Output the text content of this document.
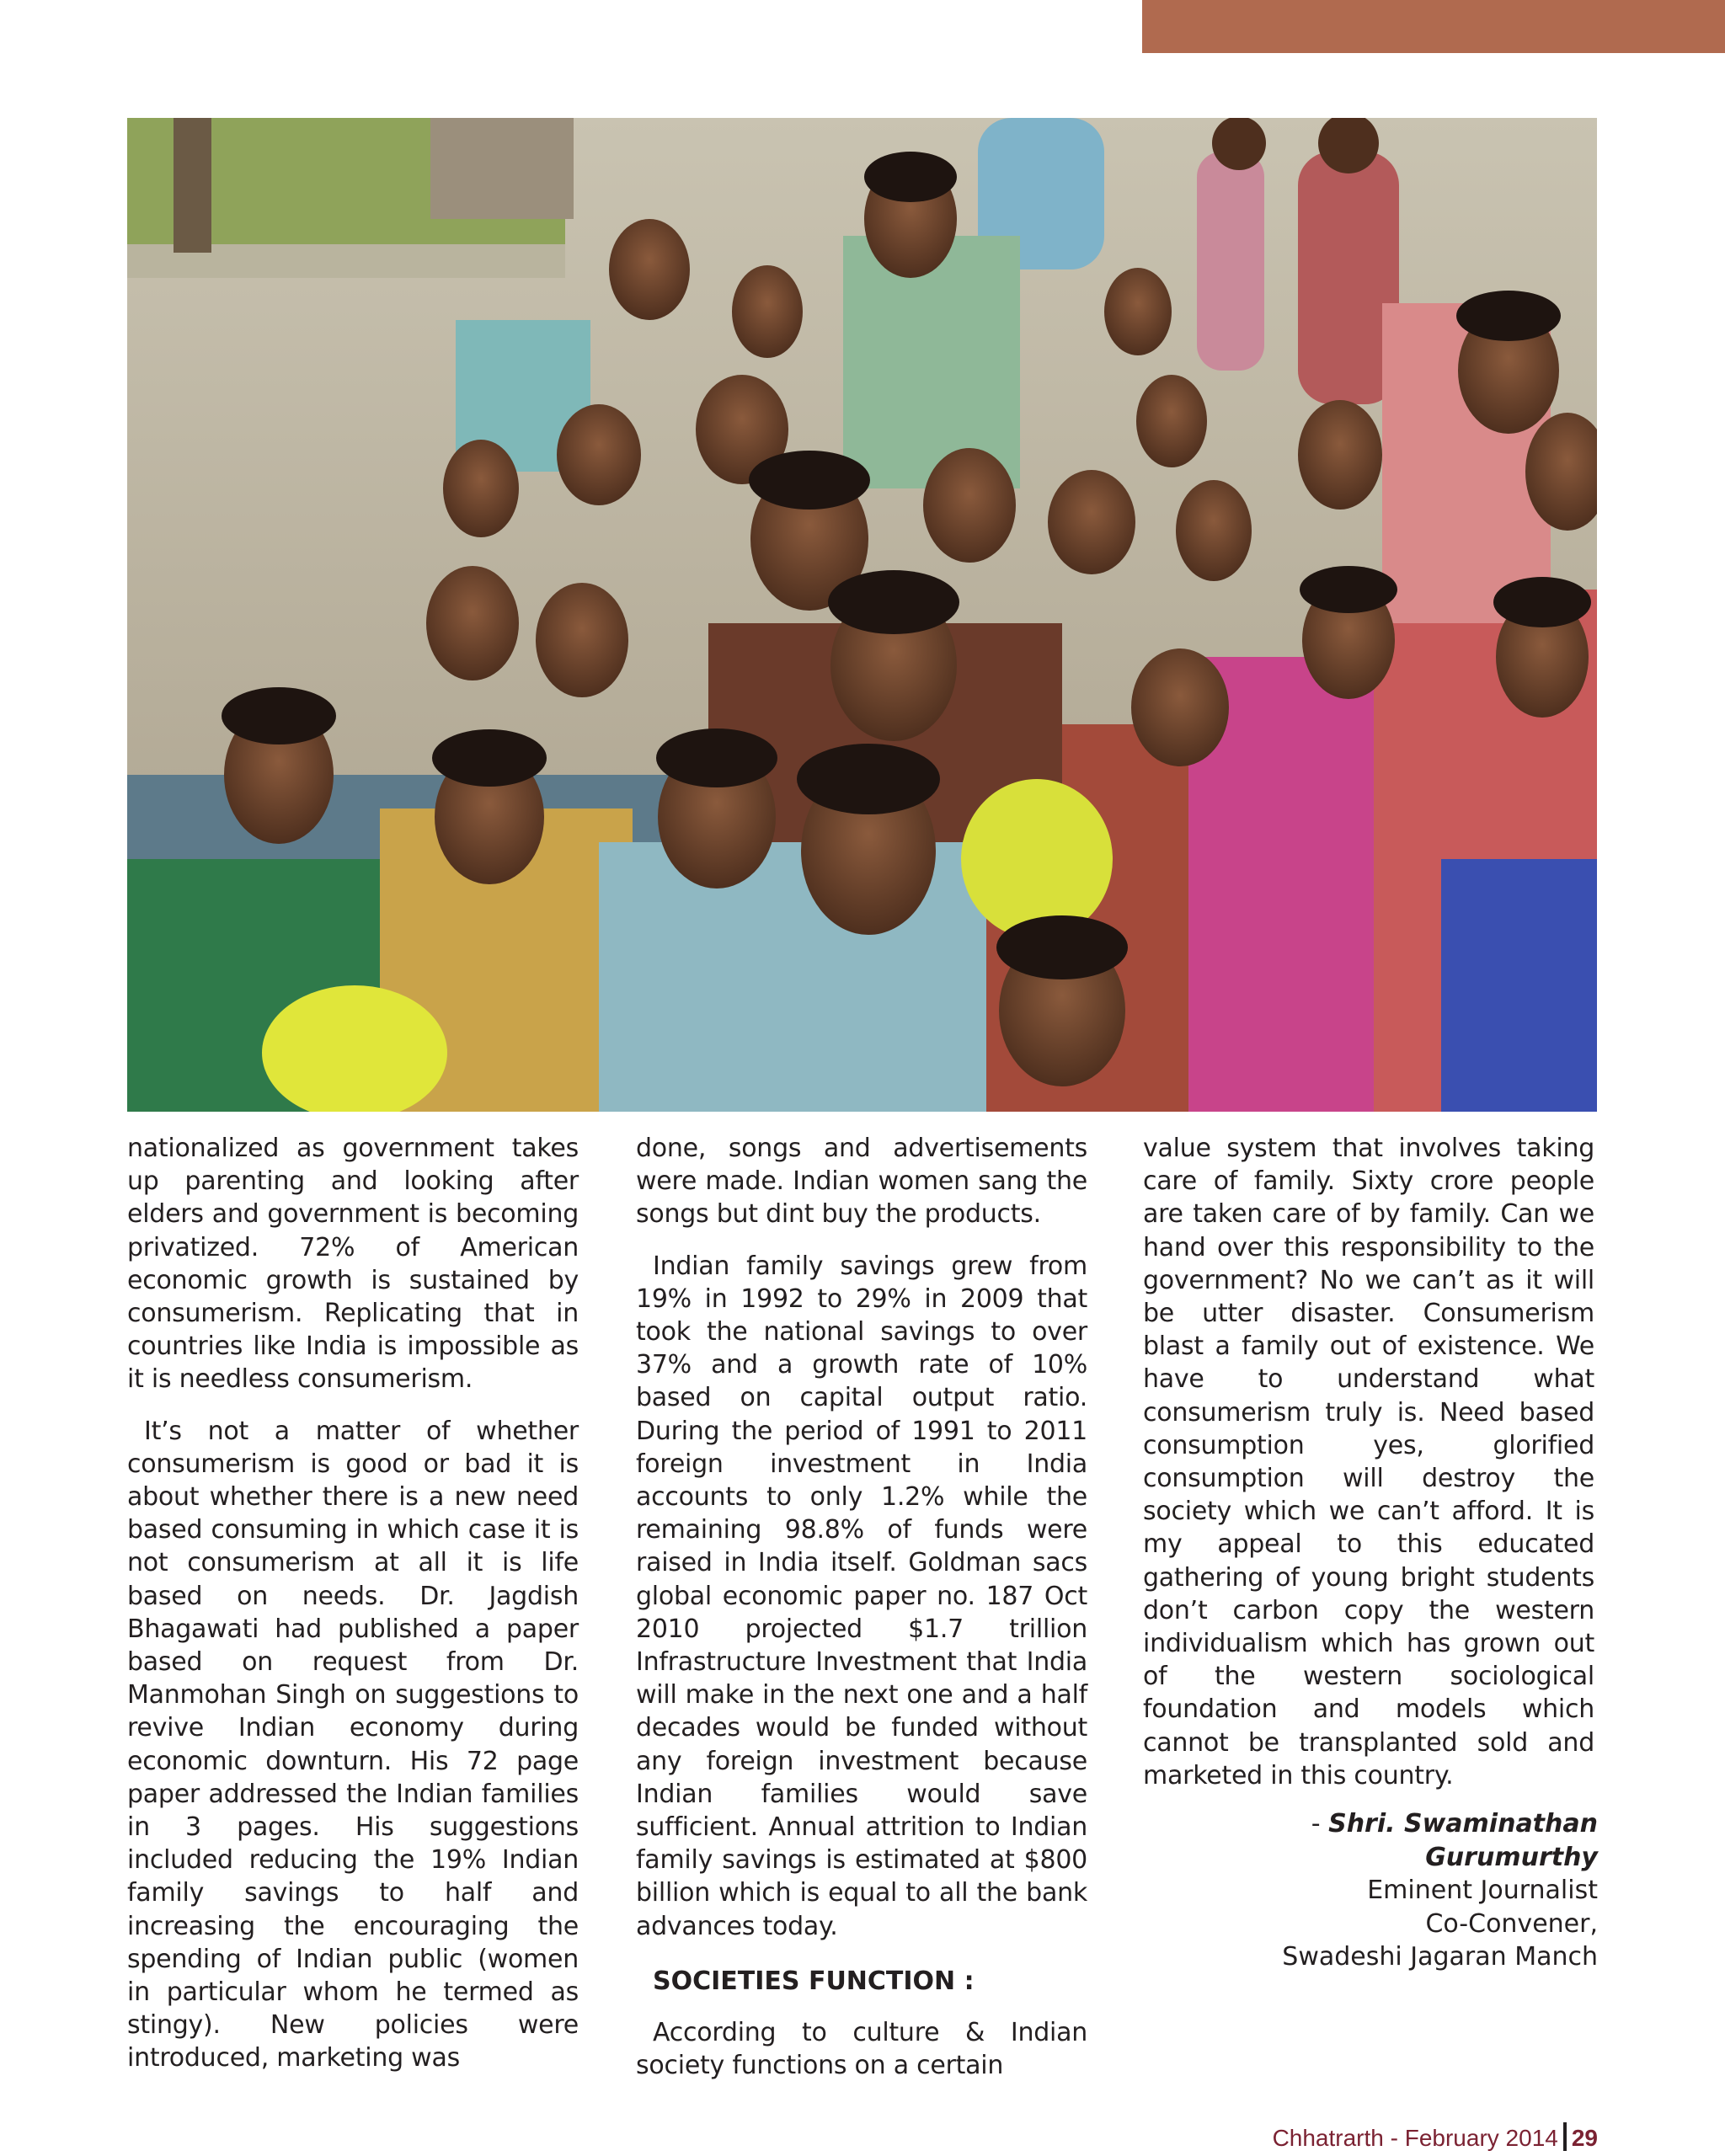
nationalized as government takes up parenting and looking after elders and government is becoming privatized. 72% of American economic growth is sustained by consumerism. Replicating that in countries like India is impossible as it is needless consumerism.

It’s not a matter of whether consumerism is good or bad it is about whether there is a new need based consuming in which case it is not consumerism at all it is life based on needs. Dr. Jagdish Bhagawati had published a paper based on request from Dr. Manmohan Singh on suggestions to revive Indian economy during economic downturn. His 72 page paper addressed the Indian families in 3 pages. His suggestions included reducing the 19% Indian family savings to half and increasing the encouraging the spending of Indian public (women in particular whom he termed as stingy). New policies were introduced, marketing was

done, songs and advertisements were made. Indian women sang the songs but dint buy the products.

Indian family savings grew from 19% in 1992 to 29% in 2009 that took the national savings to over 37% and a growth rate of 10% based on capital output ratio. During the period of 1991 to 2011 foreign investment in India accounts to only 1.2% while the remaining 98.8% of funds were raised in India itself. Goldman sacs global economic paper no. 187 Oct 2010 projected $1.7 trillion Infrastructure Investment that India will make in the next one and a half decades would be funded without any foreign investment because Indian families would save sufficient. Annual attrition to Indian family savings is estimated at $800 billion which is equal to all the bank advances today.

SOCIETIES FUNCTION :

According to culture & Indian society functions on a certain

value system that involves taking care of family. Sixty crore people are taken care of by family. Can we hand over this responsibility to the government? No we can’t as it will be utter disaster. Consumerism blast a family out of existence. We have to understand what consumerism truly is. Need based consumption yes, glorified consumption will destroy the society which we can’t afford. It is my appeal to this educated gathering of young bright students don’t carbon copy the western individualism which has grown out of the western sociological foundation and models which cannot be transplanted sold and marketed in this country.

- Shri. Swaminathan Gurumurthy
Eminent Journalist
Co-Convener,
Swadeshi Jagaran Manch
Chhatrarth - February 2014 29
